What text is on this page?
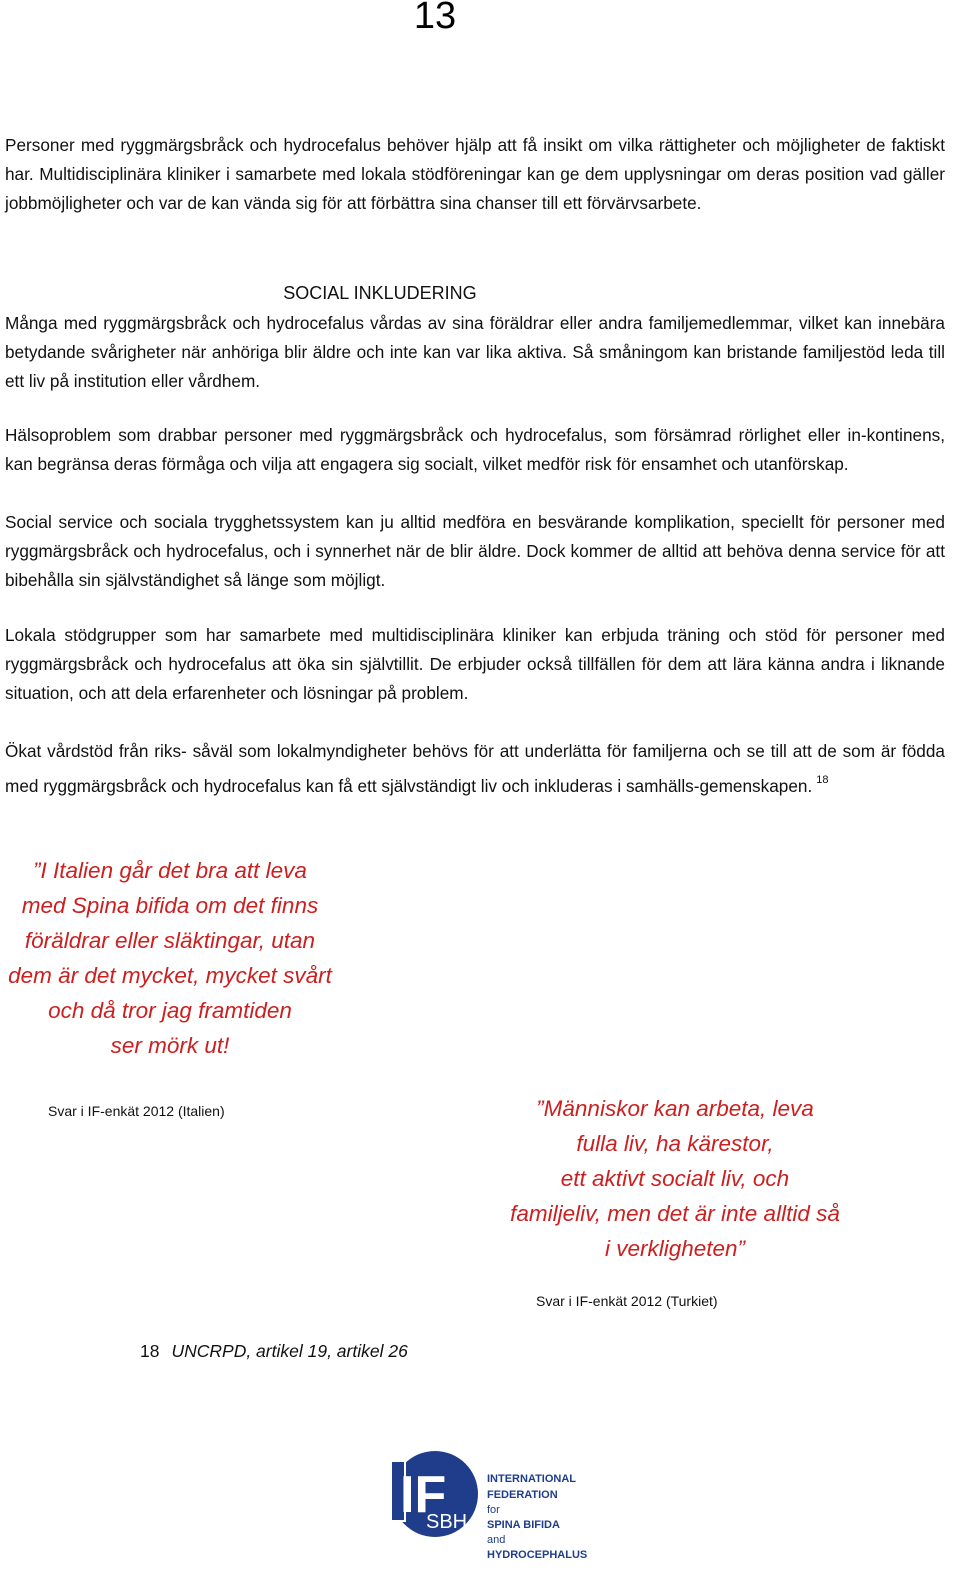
13

Personer med ryggmärgsbråck och hydrocefalus behöver hjälp att få insikt om vilka rättigheter och möjligheter de faktiskt har. Multidisciplinära kliniker i samarbete med lokala stödföreningar kan ge dem upplysningar om deras position vad gäller jobbmöjligheter och var de kan vända sig för att förbättra sina chanser till ett förvärvsarbete.

SOCIAL INKLUDERING

Många med ryggmärgsbråck och hydrocefalus vårdas av sina föräldrar eller andra familjemedlemmar, vilket kan innebära betydande svårigheter när anhöriga blir äldre och inte kan var lika aktiva. Så småningom kan bristande familjestöd leda till ett liv på institution eller vårdhem.

Hälsoproblem som drabbar personer med ryggmärgsbråck och hydrocefalus, som försämrad rörlighet eller in-kontinens, kan begränsa deras förmåga och vilja att engagera sig socialt, vilket medför risk för ensamhet och utanförskap.

Social service och sociala trygghetssystem kan ju alltid medföra en besvärande komplikation, speciellt för personer med ryggmärgsbråck och hydrocefalus, och i synnerhet när de blir äldre. Dock kommer de alltid att behöva denna service för att bibehålla sin självständighet så länge som möjligt.

Lokala stödgrupper som har samarbete med multidisciplinära kliniker kan erbjuda träning och stöd för personer med ryggmärgsbråck och hydrocefalus att öka sin självtillit. De erbjuder också tillfällen för dem att lära känna andra i liknande situation, och att dela erfarenheter och lösningar på problem.

Ökat vårdstöd från riks- såväl som lokalmyndigheter behövs för att underlätta för familjerna och se till att de som är födda med ryggmärgsbråck och hydrocefalus kan få ett självständigt liv och inkluderas i samhälls-gemenskapen. $^{18}$

”I Italien går det bra att leva
med Spina bifida om det finns
föräldrar eller släktingar, utan
dem är det mycket, mycket svårt
och då tror jag framtiden
ser mörk ut!
Svar i IF-enkät 2012 (Italien)	”Människor kan arbeta, leva
fulla liv, ha kärestor,
ett aktivt socialt liv, och
familjeliv, men det är inte alltid så
i verkligheten”
Svar i IF-enkät 2012 (Turkiet)
18 UNCRPD, artikel 19, artikel 26
IF
SBH
INTERNATIONAL
FEDERATION
for
SPINA BIFIDA
and
HYDROCEPHALUS
